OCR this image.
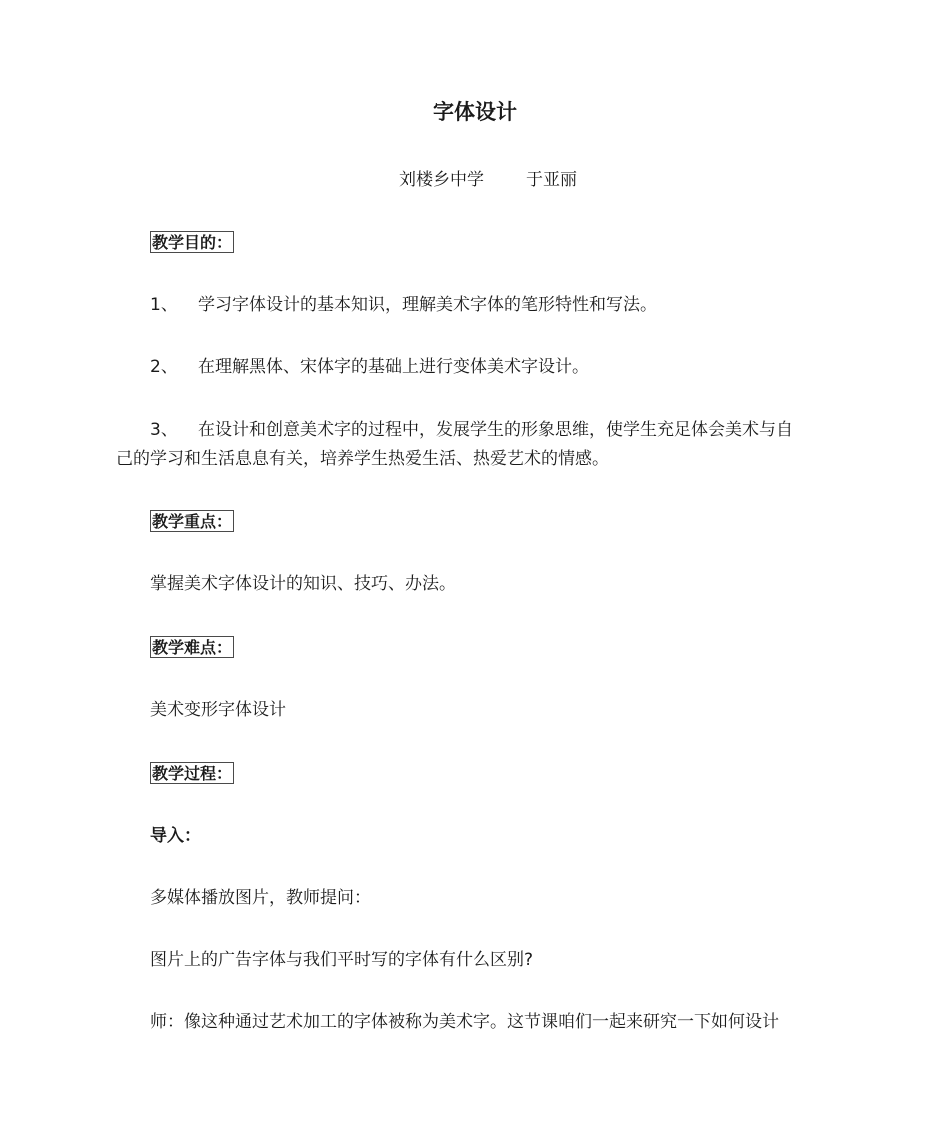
字体设计
刘楼乡中学 于亚丽
教学目的：
1、 学习字体设计的基本知识，理解美术字体的笔形特性和写法。
2、 在理解黑体、宋体字的基础上进行变体美术字设计。
3、 在设计和创意美术字的过程中，发展学生的形象思维，使学生充足体会美术与自
己的学习和生活息息有关，培养学生热爱生活、热爱艺术的情感。
教学重点：
掌握美术字体设计的知识、技巧、办法。
教学难点：
美术变形字体设计
教学过程：
导入：
多媒体播放图片，教师提问：
图片上的广告字体与我们平时写的字体有什么区别?
师：像这种通过艺术加工的字体被称为美术字。这节课咱们一起来研究一下如何设计
